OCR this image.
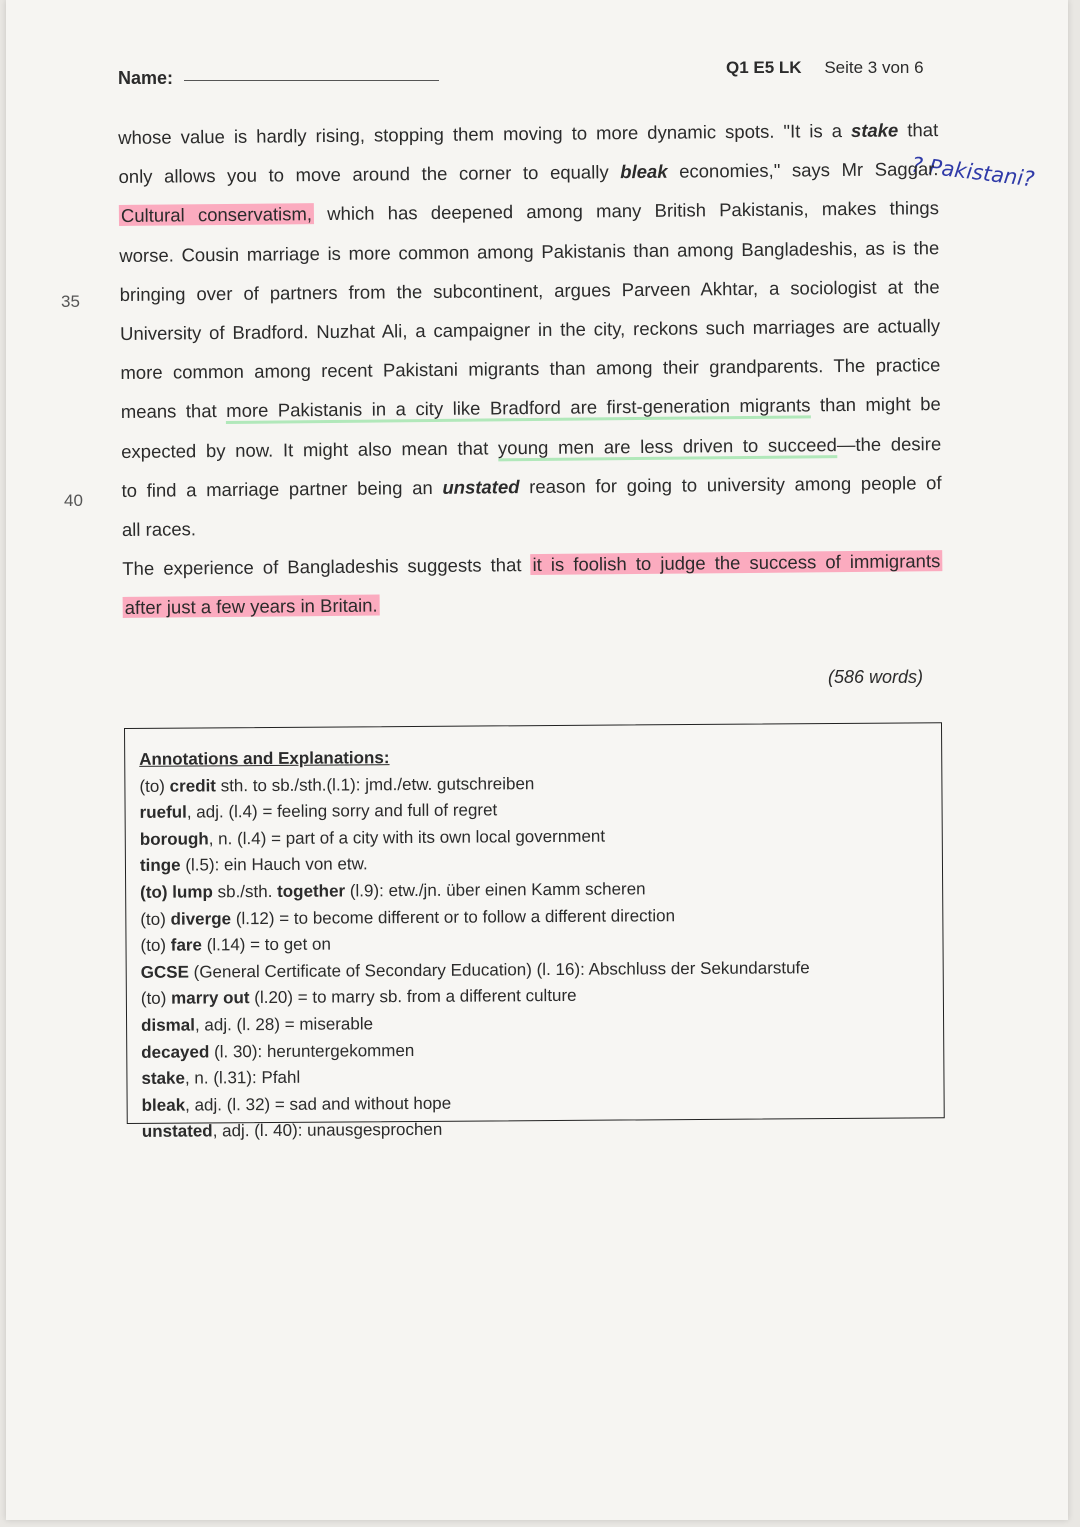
Name:
Q1 E5 LK Seite 3 von 6
? Pakistani?
35
40
whose value is hardly rising, stopping them moving to more dynamic spots. "It is a stake that
only allows you to move around the corner to equally bleak economies," says Mr Saggar.
Cultural conservatism, which has deepened among many British Pakistanis, makes things
worse. Cousin marriage is more common among Pakistanis than among Bangladeshis, as is the
bringing over of partners from the subcontinent, argues Parveen Akhtar, a sociologist at the
University of Bradford. Nuzhat Ali, a campaigner in the city, reckons such marriages are actually
more common among recent Pakistani migrants than among their grandparents. The practice
means that more Pakistanis in a city like Bradford are first-generation migrants than might be
expected by now. It might also mean that young men are less driven to succeed—the desire
to find a marriage partner being an unstated reason for going to university among people of
all races.
The experience of Bangladeshis suggests that it is foolish to judge the success of immigrants
after just a few years in Britain.
(586 words)
Annotations and Explanations:
(to) credit sth. to sb./sth.(l.1): jmd./etw. gutschreiben
rueful, adj. (l.4) = feeling sorry and full of regret
borough, n. (l.4) = part of a city with its own local government
tinge (l.5): ein Hauch von etw.
(to) lump sb./sth. together (l.9): etw./jn. über einen Kamm scheren
(to) diverge (l.12) = to become different or to follow a different direction
(to) fare (l.14) = to get on
GCSE (General Certificate of Secondary Education) (l. 16): Abschluss der Sekundarstufe
(to) marry out (l.20) = to marry sb. from a different culture
dismal, adj. (l. 28) = miserable
decayed (l. 30): heruntergekommen
stake, n. (l.31): Pfahl
bleak, adj. (l. 32) = sad and without hope
unstated, adj. (l. 40): unausgesprochen
